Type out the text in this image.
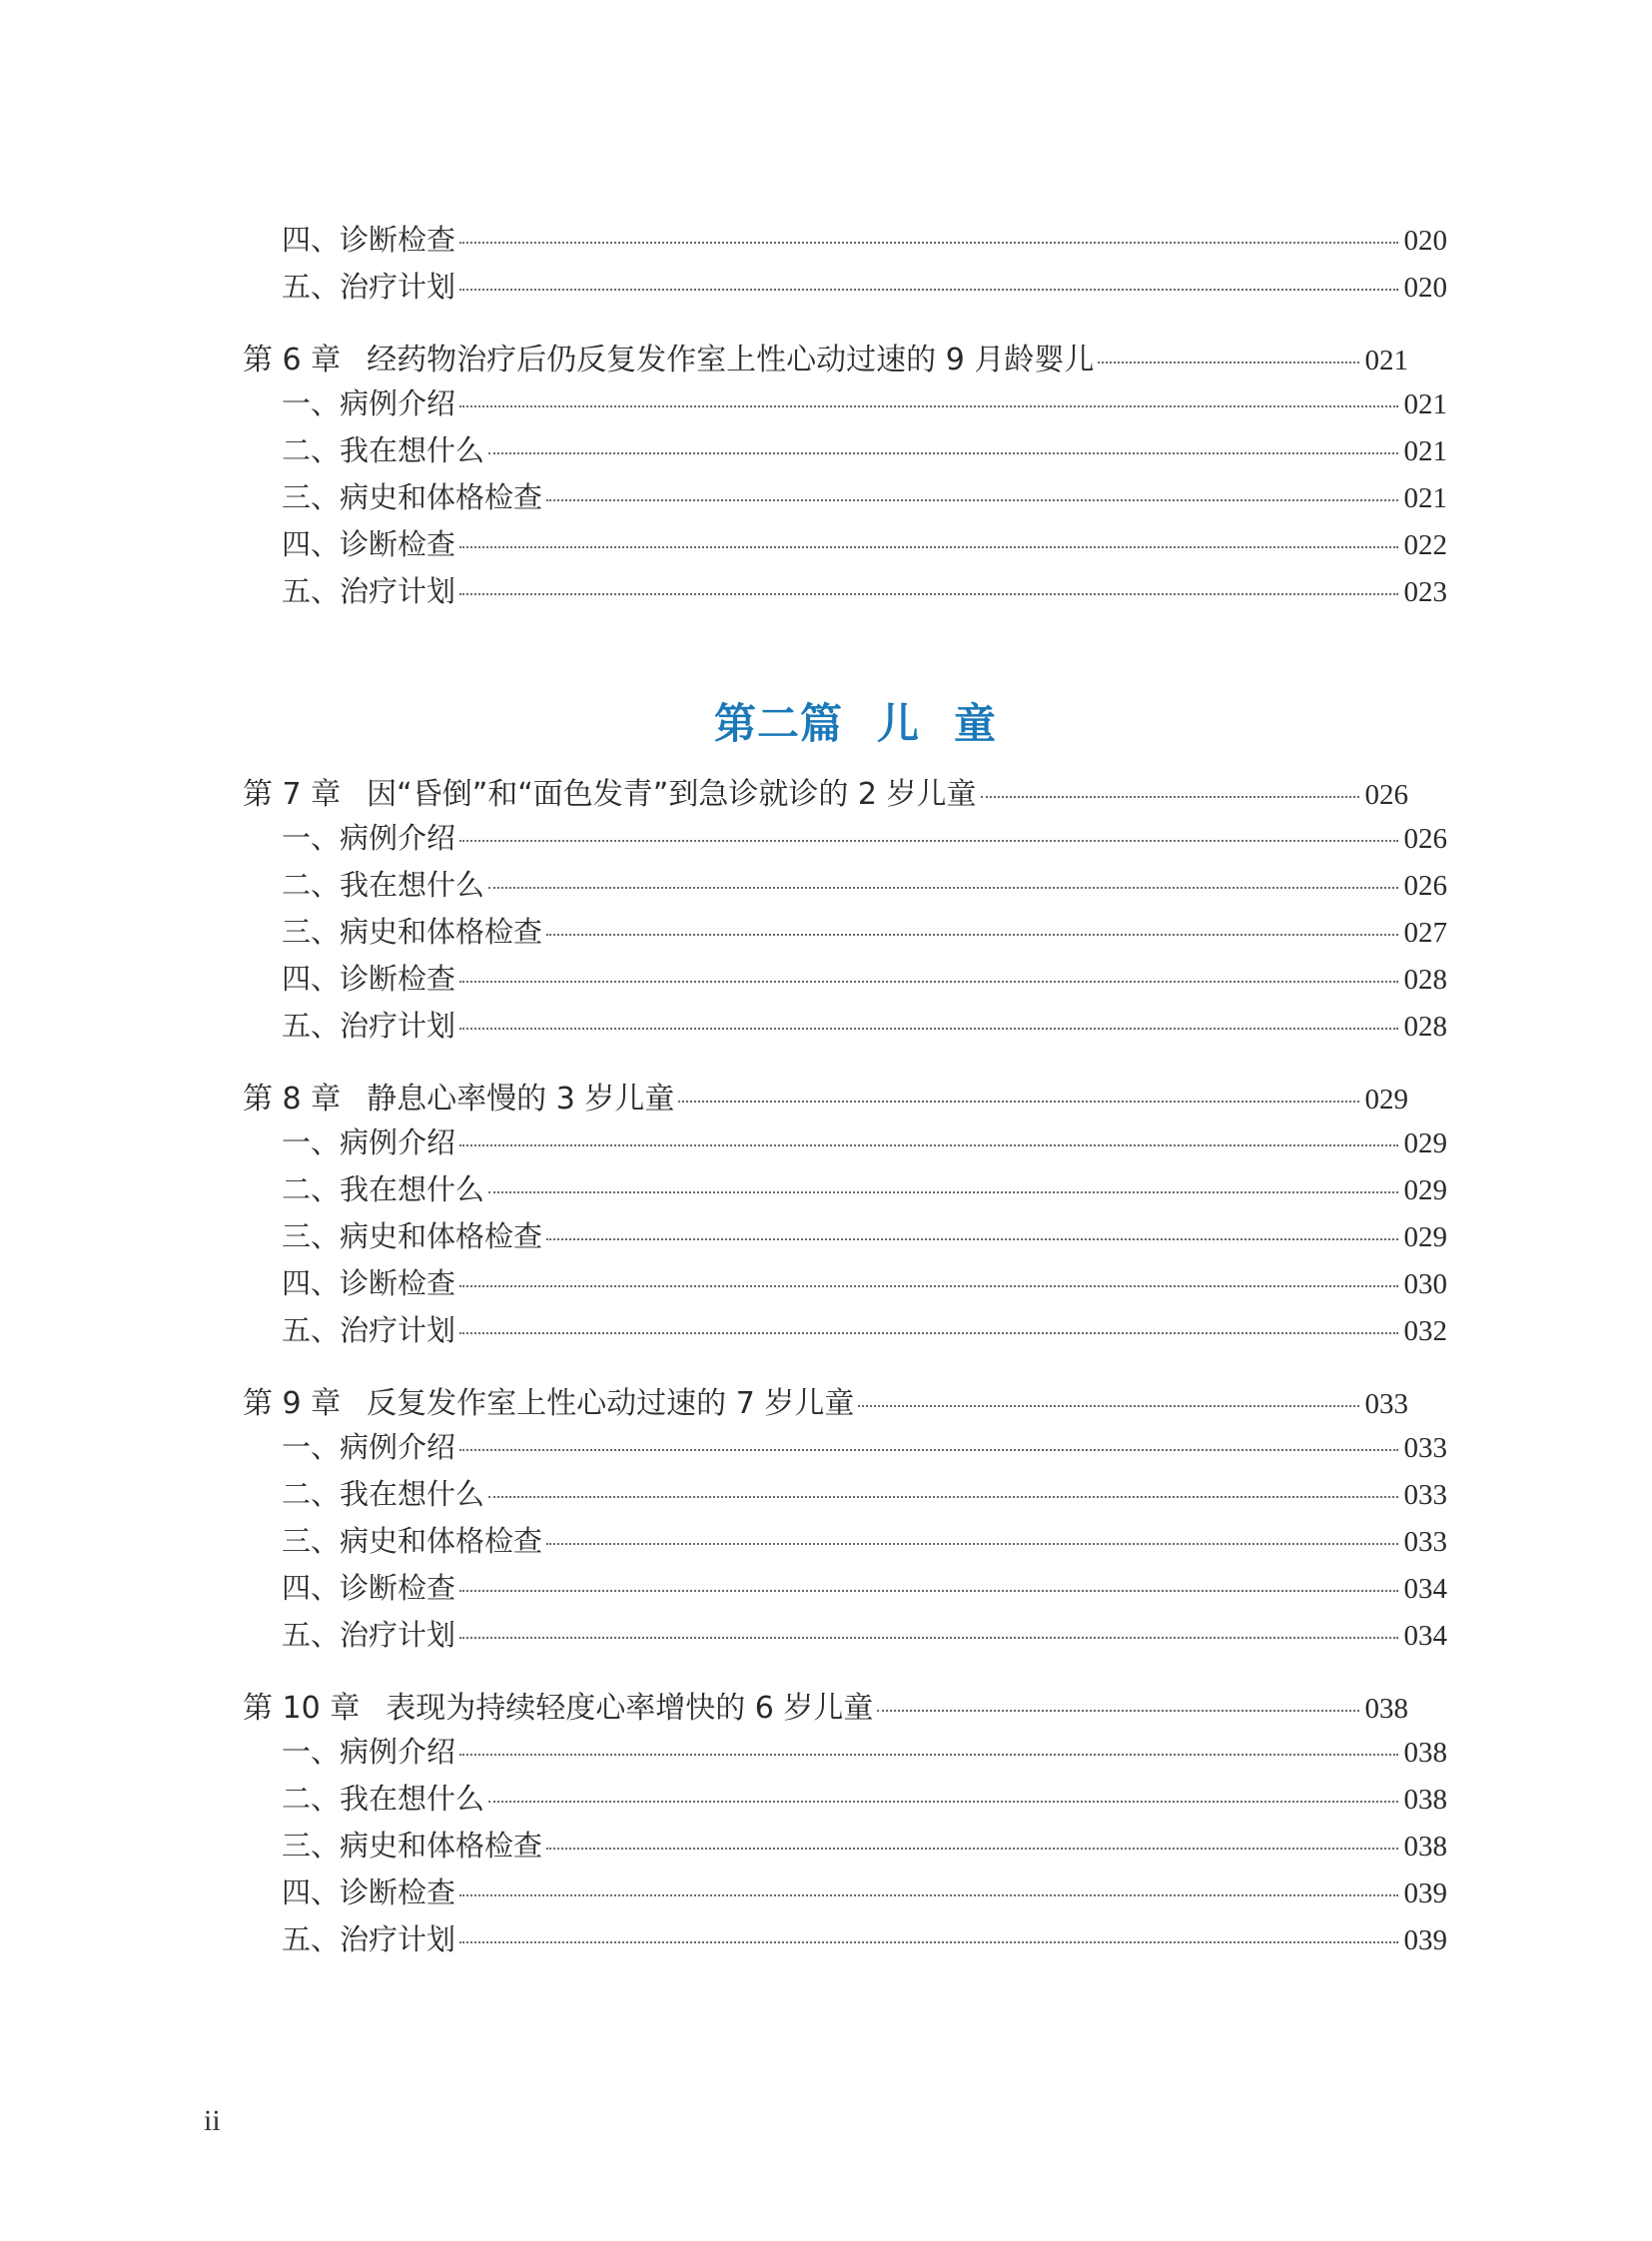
四、诊断检查	020
五、治疗计划	020
第 6 章 经药物治疗后仍反复发作室上性心动过速的 9 月龄婴儿	021
一、病例介绍	021
二、我在想什么	021
三、病史和体格检查	021
四、诊断检查	022
五、治疗计划	023
第二篇 儿 童
第 7 章 因“昏倒”和“面色发青”到急诊就诊的 2 岁儿童	026
一、病例介绍	026
二、我在想什么	026
三、病史和体格检查	027
四、诊断检查	028
五、治疗计划	028
第 8 章 静息心率慢的 3 岁儿童	029
一、病例介绍	029
二、我在想什么	029
三、病史和体格检查	029
四、诊断检查	030
五、治疗计划	032
第 9 章 反复发作室上性心动过速的 7 岁儿童	033
一、病例介绍	033
二、我在想什么	033
三、病史和体格检查	033
四、诊断检查	034
五、治疗计划	034
第 10 章 表现为持续轻度心率增快的 6 岁儿童	038
一、病例介绍	038
二、我在想什么	038
三、病史和体格检查	038
四、诊断检查	039
五、治疗计划	039
ii
